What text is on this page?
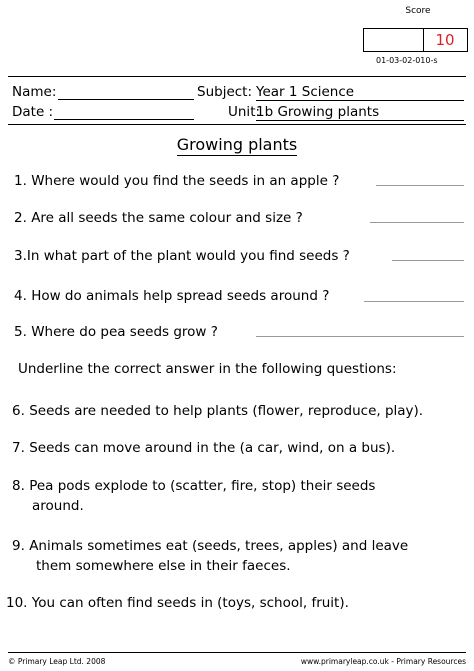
Score
10
01-03-02-010-s
Name:
Date :
Subject: Year 1 Science
Unit:
1b Growing plants
Growing plants
1. Where would you find the seeds in an apple ?
2. Are all seeds the same colour and size ?
3.In what part of the plant would you find seeds ?
4. How do animals help spread seeds around ?
5. Where do pea seeds grow ?
Underline the correct answer in the following questions:
6. Seeds are needed to help plants (flower, reproduce, play).
7. Seeds can move around in the (a car, wind, on a bus).
8. Pea pods explode to (scatter, fire, stop) their seeds
around.
9. Animals sometimes eat (seeds, trees, apples) and leave
them somewhere else in their faeces.
10. You can often find seeds in (toys, school, fruit).
© Primary Leap Ltd. 2008	www.primaryleap.co.uk - Primary Resources
